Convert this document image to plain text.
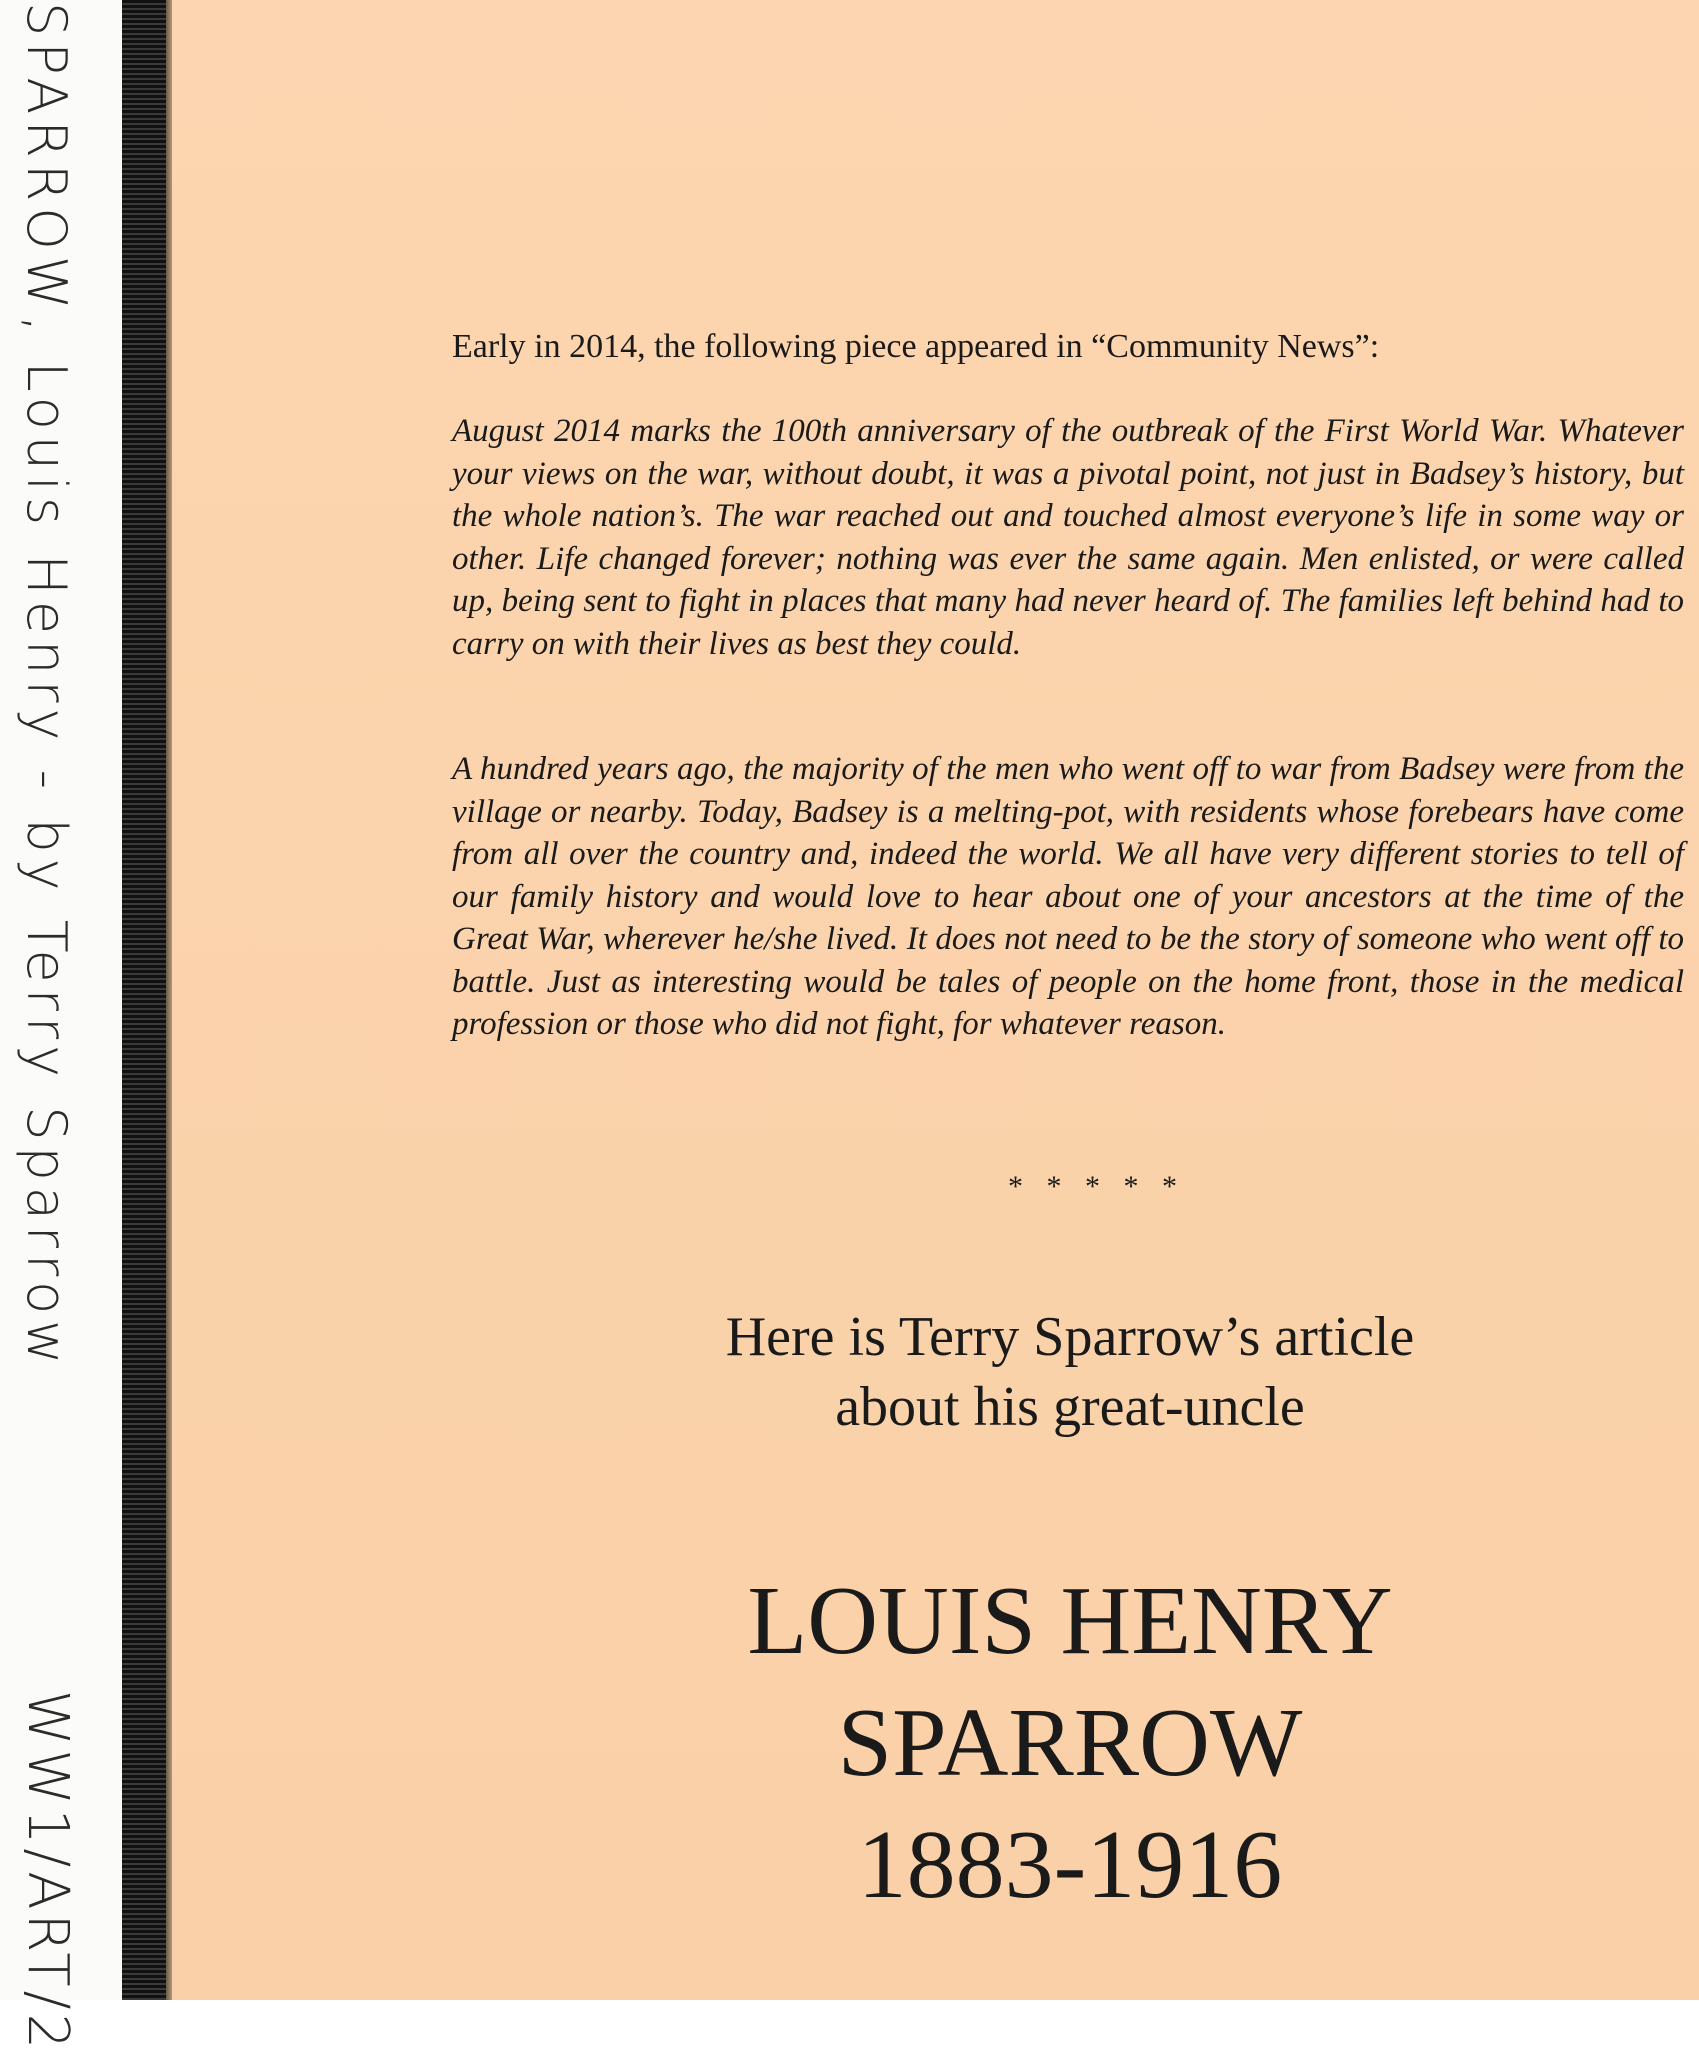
SPARROW, Louis Henry - by Terry Sparrow
WW1/ART/2

Early in 2014, the following piece appeared in “Community News”:

August 2014 marks the 100th anniversary of the outbreak of the First World War. Whatever your views on the war, without doubt, it was a pivotal point, not just in Badsey’s history, but the whole nation’s. The war reached out and touched almost everyone’s life in some way or other. Life changed forever; nothing was ever the same again. Men enlisted, or were called up, being sent to fight in places that many had never heard of. The families left behind had to carry on with their lives as best they could.

A hundred years ago, the majority of the men who went off to war from Badsey were from the village or nearby. Today, Badsey is a melting-pot, with residents whose forebears have come from all over the country and, indeed the world. We all have very different stories to tell of our family history and would love to hear about one of your ancestors at the time of the Great War, wherever he/she lived. It does not need to be the story of someone who went off to battle. Just as interesting would be tales of people on the home front, those in the medical profession or those who did not fight, for whatever reason.

* * * * *

Here is Terry Sparrow’s article
about his great-uncle

LOUIS HENRY
SPARROW
1883-1916
